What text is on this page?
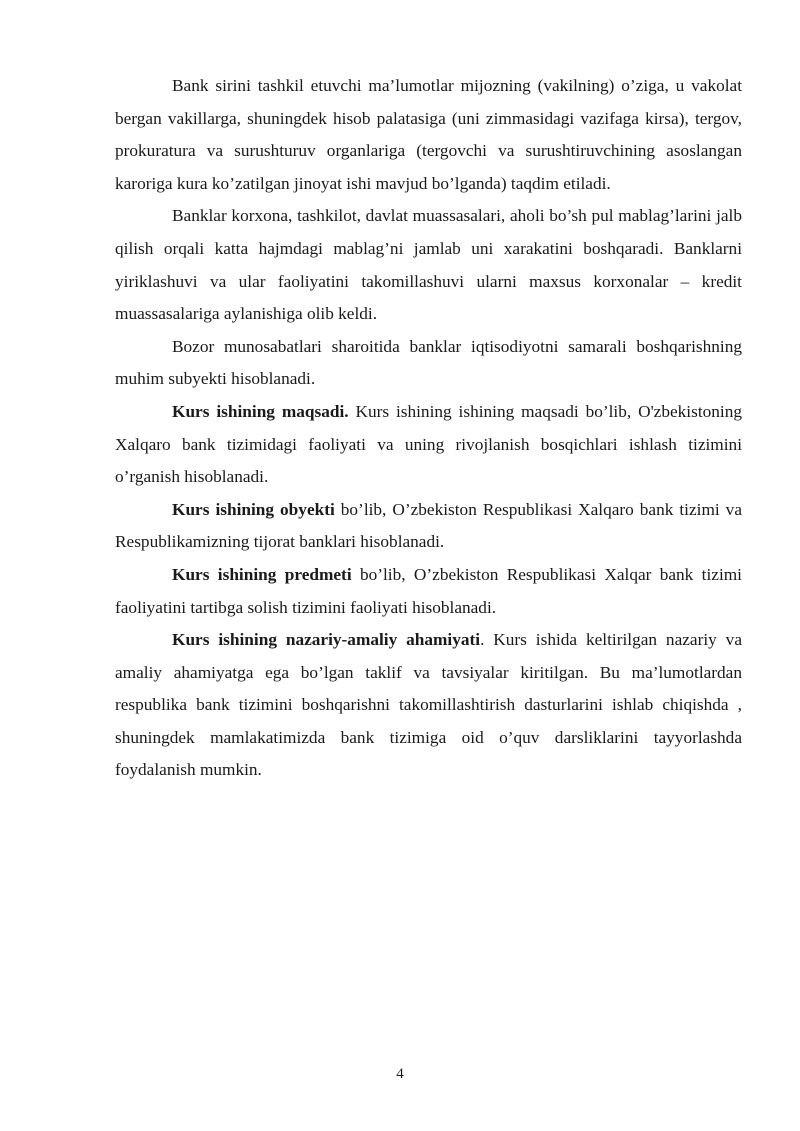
Bank sirini tashkil etuvchi ma’lumotlar mijozning (vakilning) o’ziga, u vakolat bergan vakillarga, shuningdek hisob palatasiga (uni zimmasidagi vazifaga kirsa), tergov, prokuratura va surushturuv organlariga (tergovchi va surushtiruvchining asoslangan karoriga kura ko’zatilgan jinoyat ishi mavjud bo’lganda) taqdim etiladi.

Banklar korxona, tashkilot, davlat muassasalari, aholi bo’sh pul mablag’larini jalb qilish orqali katta hajmdagi mablag’ni jamlab uni xarakatini boshqaradi. Banklarni yiriklashuvi va ular faoliyatini takomillashuvi ularni maxsus korxonalar – kredit muassasalariga aylanishiga olib keldi.

Bozor munosabatlari sharoitida banklar iqtisodiyotni samarali boshqarishning muhim subyekti hisoblanadi.

Kurs ishining maqsadi. Kurs ishining ishining maqsadi bo’lib, O'zbekistoning Xalqaro bank tizimidagi faoliyati va uning rivojlanish bosqichlari ishlash tizimini o’rganish hisoblanadi.

Kurs ishining obyekti bo’lib, O’zbekiston Respublikasi Xalqaro bank tizimi va Respublikamizning tijorat banklari hisoblanadi.

Kurs ishining predmeti bo’lib, O’zbekiston Respublikasi Xalqar bank tizimi faoliyatini tartibga solish tizimini faoliyati hisoblanadi.

Kurs ishining nazariy-amaliy ahamiyati. Kurs ishida keltirilgan nazariy va amaliy ahamiyatga ega bo’lgan taklif va tavsiyalar kiritilgan. Bu ma’lumotlardan respublika bank tizimini boshqarishni takomillashtirish dasturlarini ishlab chiqishda , shuningdek mamlakatimizda bank tizimiga oid o’quv darsliklarini tayyorlashda foydalanish mumkin.

4
